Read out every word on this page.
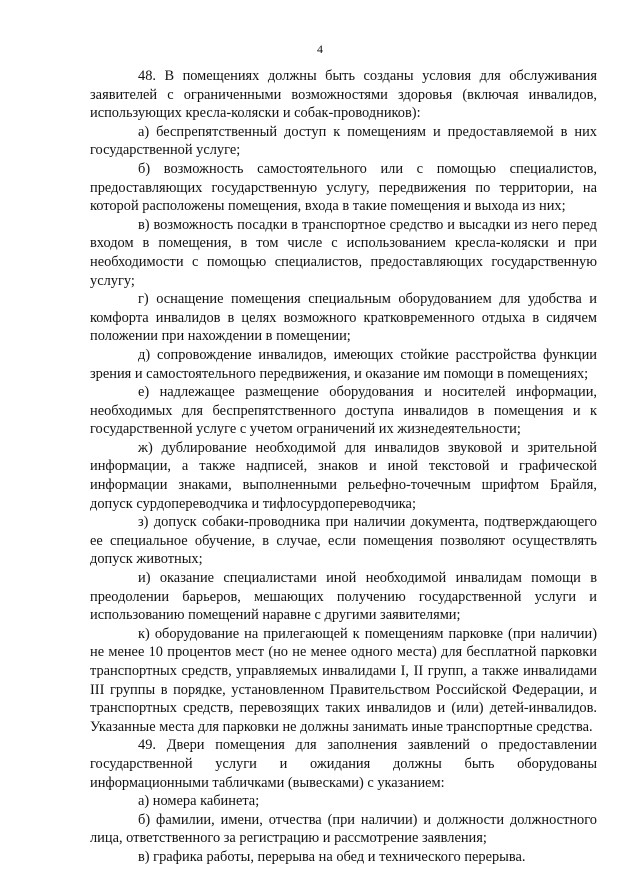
4

48. В помещениях должны быть созданы условия для обслуживания заявителей с ограниченными возможностями здоровья (включая инвалидов, использующих кресла-коляски и собак-проводников):

а) беспрепятственный доступ к помещениям и предоставляемой в них государственной услуге;

б) возможность самостоятельного или с помощью специалистов, предоставляющих государственную услугу, передвижения по территории, на которой расположены помещения, входа в такие помещения и выхода из них;

в) возможность посадки в транспортное средство и высадки из него перед входом в помещения, в том числе с использованием кресла-коляски и при необходимости с помощью специалистов, предоставляющих государственную услугу;

г) оснащение помещения специальным оборудованием для удобства и комфорта инвалидов в целях возможного кратковременного отдыха в сидячем положении при нахождении в помещении;

д) сопровождение инвалидов, имеющих стойкие расстройства функции зрения и самостоятельного передвижения, и оказание им помощи в помещениях;

е) надлежащее размещение оборудования и носителей информации, необходимых для беспрепятственного доступа инвалидов в помещения и к государственной услуге с учетом ограничений их жизнедеятельности;

ж) дублирование необходимой для инвалидов звуковой и зрительной информации, а также надписей, знаков и иной текстовой и графической информации знаками, выполненными рельефно-точечным шрифтом Брайля, допуск сурдопереводчика и тифлосурдопереводчика;

з) допуск собаки-проводника при наличии документа, подтверждающего ее специальное обучение, в случае, если помещения позволяют осуществлять допуск животных;

и) оказание специалистами иной необходимой инвалидам помощи в преодолении барьеров, мешающих получению государственной услуги и использованию помещений наравне с другими заявителями;

к) оборудование на прилегающей к помещениям парковке (при наличии) не менее 10 процентов мест (но не менее одного места) для бесплатной парковки транспортных средств, управляемых инвалидами I, II групп, а также инвалидами III группы в порядке, установленном Правительством Российской Федерации, и транспортных средств, перевозящих таких инвалидов и (или) детей-инвалидов. Указанные места для парковки не должны занимать иные транспортные средства.

49. Двери помещения для заполнения заявлений о предоставлении государственной услуги и ожидания должны быть оборудованы информационными табличками (вывесками) с указанием:

а) номера кабинета;

б) фамилии, имени, отчества (при наличии) и должности должностного лица, ответственного за регистрацию и рассмотрение заявления;

в) графика работы, перерыва на обед и технического перерыва.
